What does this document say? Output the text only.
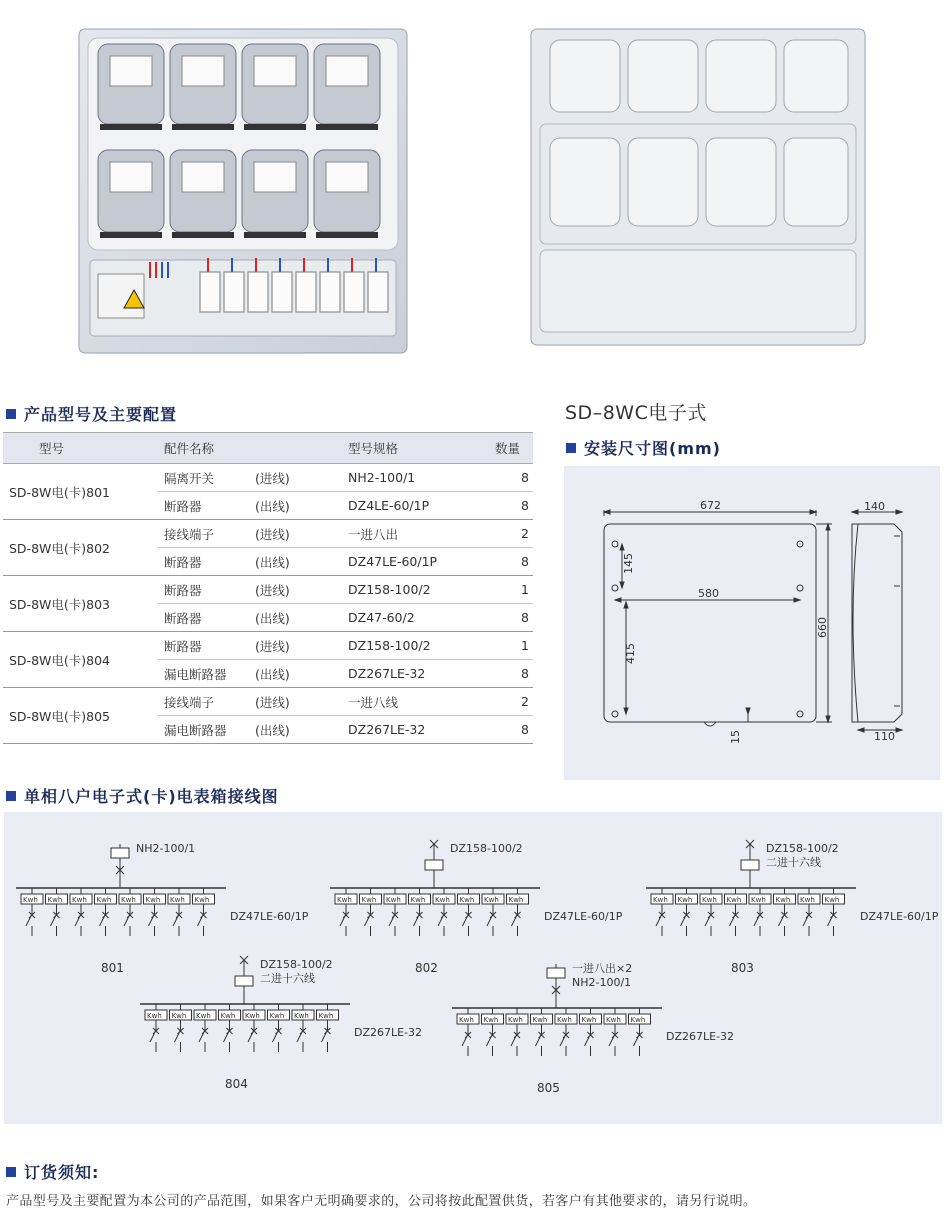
产品型号及主要配置
型号	配件名称		型号规格	数量
SD-8W电(卡)801	隔离开关	(进线)	NH2-100/1	8
	断路器	(出线)	DZ4LE-60/1P	8
SD-8W电(卡)802	接线端子	(进线)	一进八出	2
	断路器	(出线)	DZ47LE-60/1P	8
SD-8W电(卡)803	断路器	(进线)	DZ158-100/2	1
	断路器	(出线)	DZ47-60/2	8
SD-8W电(卡)804	断路器	(进线)	DZ158-100/2	1
	漏电断路器	(出线)	DZ267LE-32	8
SD-8W电(卡)805	接线端子	(进线)	一进八线	2
	漏电断路器	(出线)	DZ267LE-32	8
SD–8WC电子式
安装尺寸图(mm)
672
145
580
415
660
15
140
110
单相八户电子式(卡)电表箱接线图
NH2-100/1
Kwh Kwh Kwh Kwh Kwh Kwh Kwh Kwh
DZ47LE-60/1P
801
DZ158-100/2
Kwh Kwh Kwh Kwh Kwh Kwh Kwh Kwh
DZ47LE-60/1P
802
DZ158-100/2
二进十六线
Kwh Kwh Kwh Kwh Kwh Kwh Kwh Kwh
DZ47LE-60/1P
803
DZ158-100/2
二进十六线
Kwh Kwh Kwh Kwh Kwh Kwh Kwh Kwh
DZ267LE-32
804
一进八出×2
NH2-100/1
Kwh Kwh Kwh Kwh Kwh Kwh Kwh Kwh
DZ267LE-32
805
订货须知:
产品型号及主要配置为本公司的产品范围，如果客户无明确要求的，公司将按此配置供货，若客户有其他要求的，请另行说明。
